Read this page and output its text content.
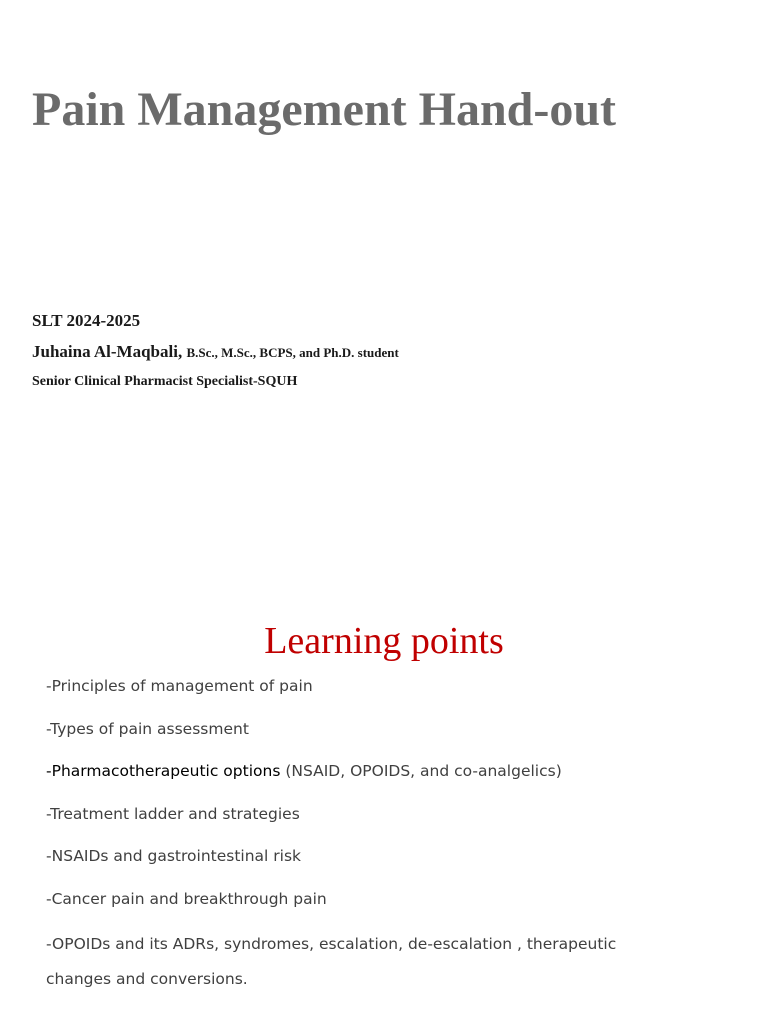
Pain Management Hand-out
SLT 2024-2025
Juhaina Al-Maqbali, B.Sc., M.Sc., BCPS, and Ph.D. student
Senior Clinical Pharmacist Specialist-SQUH
Learning points
-Principles of management of pain
-Types of pain assessment
-Pharmacotherapeutic options (NSAID, OPOIDS, and co-analgelics)
-Treatment ladder and strategies
-NSAIDs and gastrointestinal risk
-Cancer pain and breakthrough pain
-OPOIDs and its ADRs, syndromes, escalation, de-escalation , therapeutic changes and conversions.
